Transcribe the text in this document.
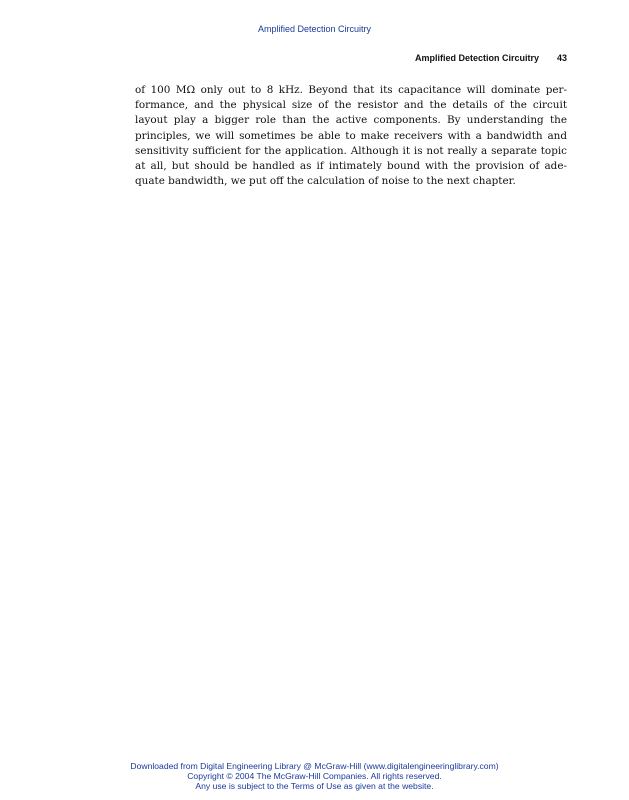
Amplified Detection Circuitry
Amplified Detection Circuitry 43

of 100 MΩ only out to 8 kHz. Beyond that its capacitance will dominate per-
formance, and the physical size of the resistor and the details of the circuit
layout play a bigger role than the active components. By understanding the
principles, we will sometimes be able to make receivers with a bandwidth and
sensitivity sufficient for the application. Although it is not really a separate topic
at all, but should be handled as if intimately bound with the provision of ade-
quate bandwidth, we put off the calculation of noise to the next chapter.

Downloaded from Digital Engineering Library @ McGraw-Hill (www.digitalengineeringlibrary.com)
Copyright © 2004 The McGraw-Hill Companies. All rights reserved.
Any use is subject to the Terms of Use as given at the website.
